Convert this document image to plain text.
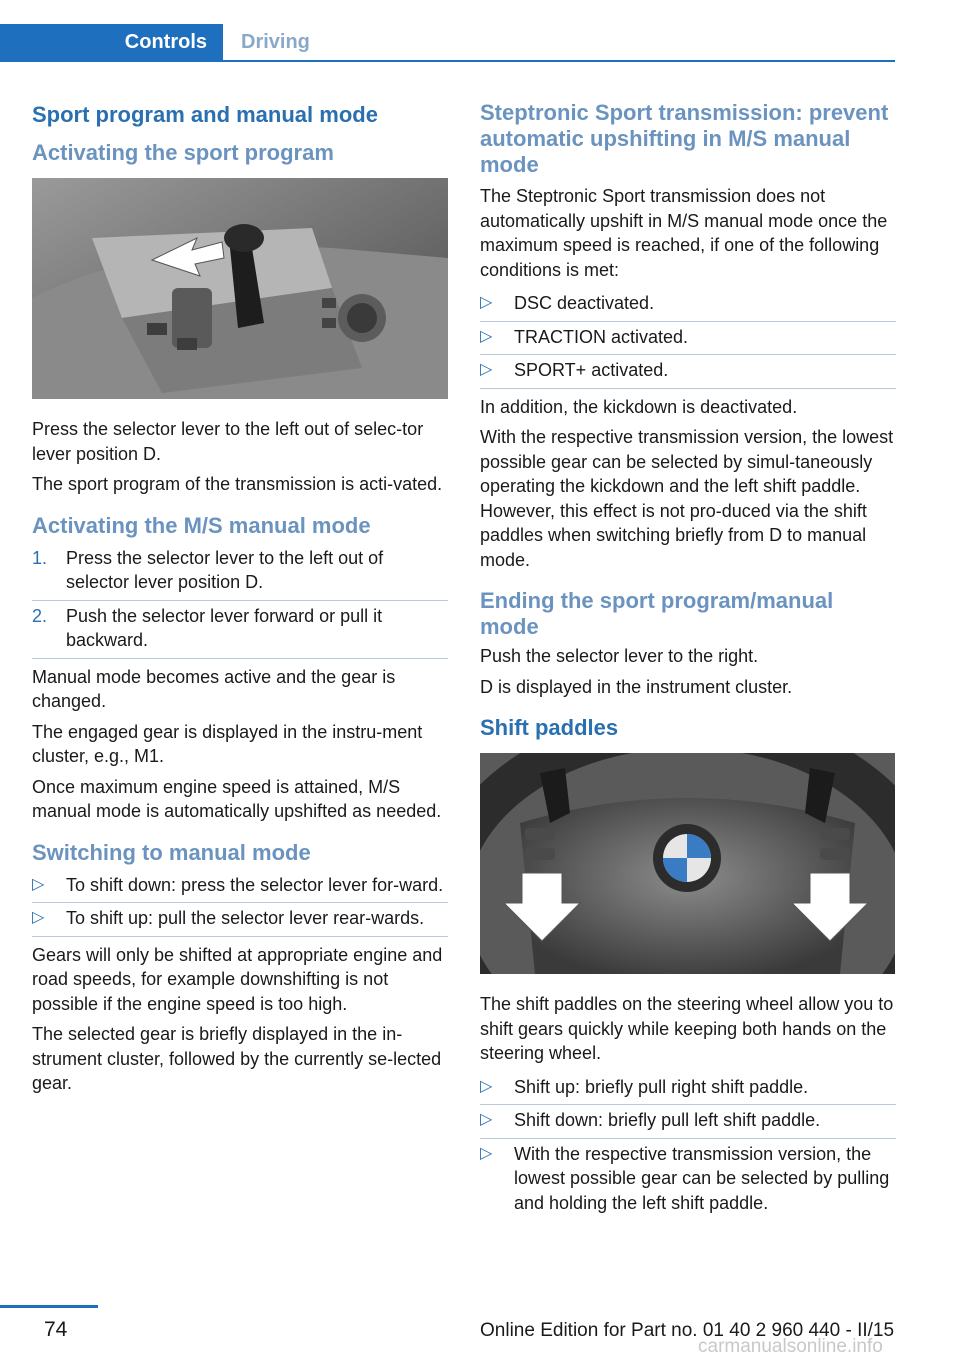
Controls	Driving
Sport program and manual mode
Activating the sport program

Press the selector lever to the left out of selec‐tor lever position D.

The sport program of the transmission is acti‐vated.

Activating the M/S manual mode
1. Press the selector lever to the left out of selector lever position D.
2. Push the selector lever forward or pull it backward.

Manual mode becomes active and the gear is changed.

The engaged gear is displayed in the instru‐ment cluster, e.g., M1.

Once maximum engine speed is attained, M/S manual mode is automatically upshifted as needed.

Switching to manual mode
▷ To shift down: press the selector lever for‐ward.
▷ To shift up: pull the selector lever rear‐wards.

Gears will only be shifted at appropriate engine and road speeds, for example downshifting is not possible if the engine speed is too high.

The selected gear is briefly displayed in the in‐strument cluster, followed by the currently se‐lected gear.

Steptronic Sport transmission: prevent automatic upshifting in M/S manual mode

The Steptronic Sport transmission does not automatically upshift in M/S manual mode once the maximum speed is reached, if one of the following conditions is met:

▷ DSC deactivated.
▷ TRACTION activated.
▷ SPORT+ activated.

In addition, the kickdown is deactivated.

With the respective transmission version, the lowest possible gear can be selected by simul‐taneously operating the kickdown and the left shift paddle. However, this effect is not pro‐duced via the shift paddles when switching briefly from D to manual mode.

Ending the sport program/manual mode

Push the selector lever to the right.

D is displayed in the instrument cluster.

Shift paddles

The shift paddles on the steering wheel allow you to shift gears quickly while keeping both hands on the steering wheel.

▷ Shift up: briefly pull right shift paddle.
▷ Shift down: briefly pull left shift paddle.
▷ With the respective transmission version, the lowest possible gear can be selected by pulling and holding the left shift paddle.
74	Online Edition for Part no. 01 40 2 960 440 - II/15
carmanualsonline.info
